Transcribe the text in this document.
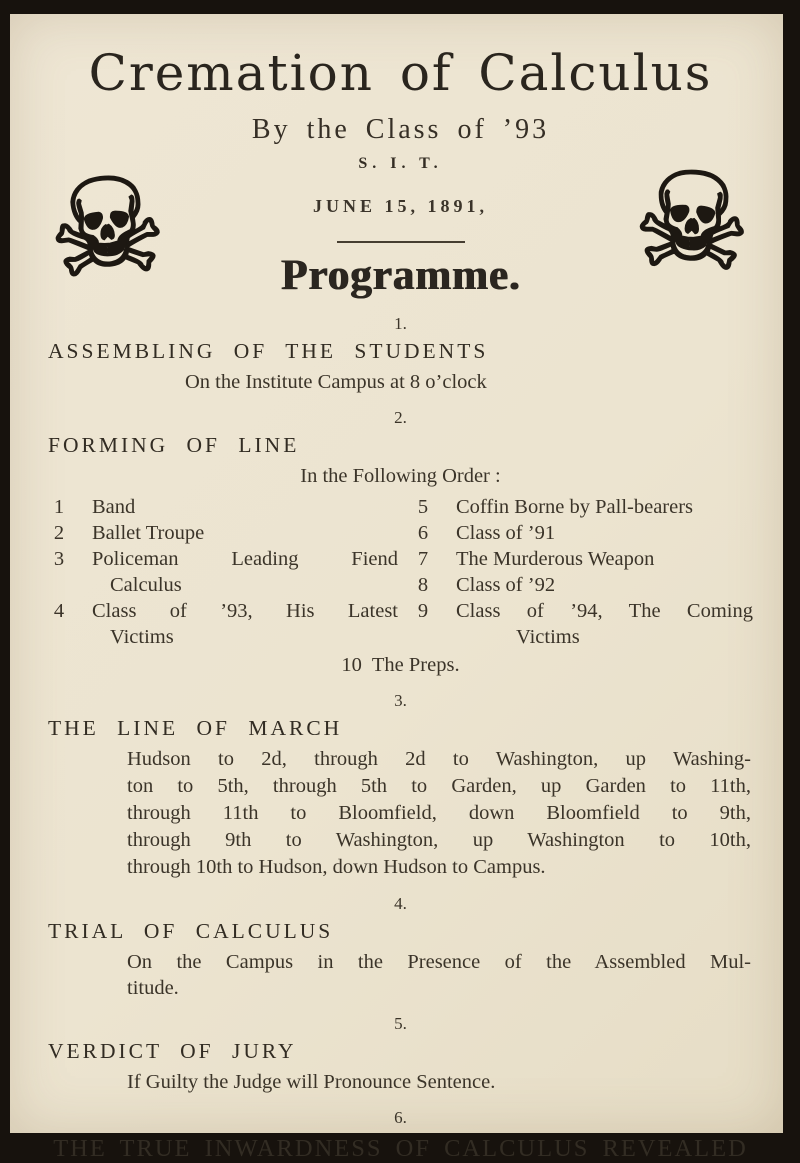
☠	☠
Cremation of Calculus
By the Class of ’93
S. I. T.
JUNE 15, 1891,
Programme.
1.
ASSEMBLING OF THE STUDENTS
On the Institute Campus at 8 o’clock
2.
FORMING OF LINE
In the Following Order :
1 Band
2 Ballet Troupe
3 Policeman Leading Fiend
Calculus
4 Class of ’93, His Latest
Victims
5 Coffin Borne by Pall-bearers
6 Class of ’91
7 The Murderous Weapon
8 Class of ’92
9 Class of ’94, The Coming
Victims
10 The Preps.
3.
THE LINE OF MARCH
Hudson to 2d, through 2d to Washington, up Washing-
ton to 5th, through 5th to Garden, up Garden to 11th,
through 11th to Bloomfield, down Bloomfield to 9th,
through 9th to Washington, up Washington to 10th,
through 10th to Hudson, down Hudson to Campus.
4.
TRIAL OF CALCULUS
On the Campus in the Presence of the Assembled Mul-
titude.
5.
VERDICT OF JURY
If Guilty the Judge will Pronounce Sentence.
6.
THE TRUE INWARDNESS OF CALCULUS REVEALED
